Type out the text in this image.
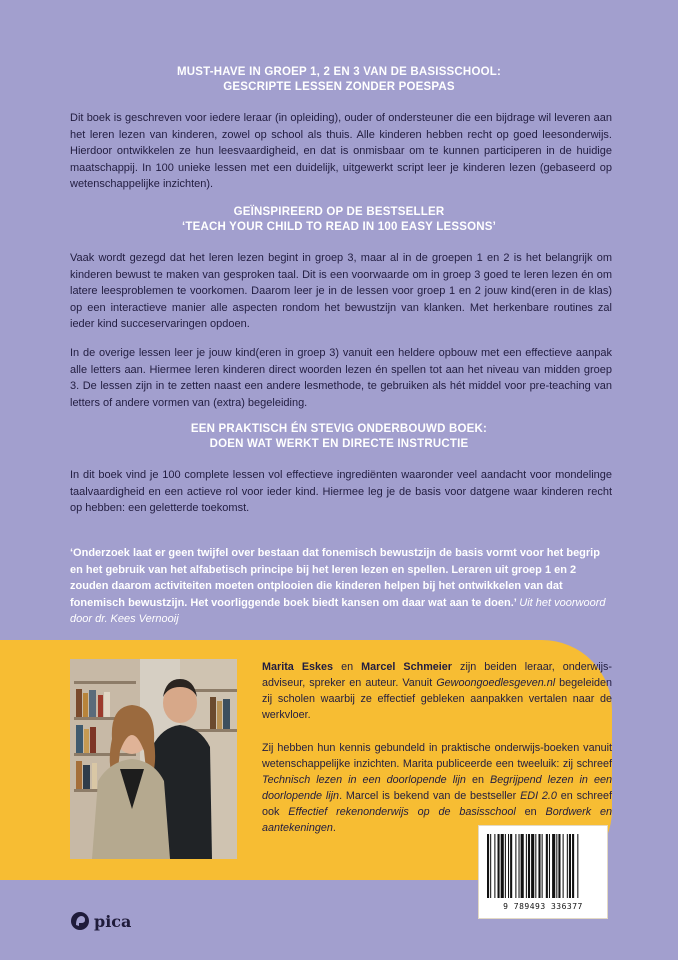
MUST-HAVE IN GROEP 1, 2 EN 3 VAN DE BASISSCHOOL:
GESCRIPTE LESSEN ZONDER POESPAS
Dit boek is geschreven voor iedere leraar (in opleiding), ouder of ondersteuner die een bijdrage wil leveren aan het leren lezen van kinderen, zowel op school als thuis. Alle kinderen hebben recht op goed leesonderwijs. Hierdoor ontwikkelen ze hun leesvaardigheid, en dat is onmisbaar om te kunnen participeren in de huidige maatschappij. In 100 unieke lessen met een duidelijk, uitgewerkt script leer je kinderen lezen (gebaseerd op wetenschappelijke inzichten).
GEÏNSPIREERD OP DE BESTSELLER
‘TEACH YOUR CHILD TO READ IN 100 EASY LESSONS’
Vaak wordt gezegd dat het leren lezen begint in groep 3, maar al in de groepen 1 en 2 is het belangrijk om kinderen bewust te maken van gesproken taal. Dit is een voorwaarde om in groep 3 goed te leren lezen én om latere leesproblemen te voorkomen. Daarom leer je in de lessen voor groep 1 en 2 jouw kind(eren in de klas) op een interactieve manier alle aspecten rondom het bewustzijn van klanken. Met herkenbare routines zal ieder kind succeservaringen opdoen.
In de overige lessen leer je jouw kind(eren in groep 3) vanuit een heldere opbouw met een effectieve aanpak alle letters aan. Hiermee leren kinderen direct woorden lezen én spellen tot aan het niveau van midden groep 3. De lessen zijn in te zetten naast een andere lesmethode, te gebruiken als hét middel voor pre-teaching van letters of andere vormen van (extra) begeleiding.
EEN PRAKTISCH ÉN STEVIG ONDERBOUWD BOEK:
DOEN WAT WERKT EN DIRECTE INSTRUCTIE
In dit boek vind je 100 complete lessen vol effectieve ingrediënten waaronder veel aandacht voor mondelinge taalvaardigheid en een actieve rol voor ieder kind. Hiermee leg je de basis voor datgene waar kinderen recht op hebben: een geletterde toekomst.
‘Onderzoek laat er geen twijfel over bestaan dat fonemisch bewustzijn de basis vormt voor het begrip en het gebruik van het alfabetisch principe bij het leren lezen en spellen. Leraren uit groep 1 en 2 zouden daarom activiteiten moeten ontplooien die kinderen helpen bij het ontwikkelen van dat fonemisch bewustzijn. Het voorliggende boek biedt kansen om daar wat aan te doen.’ Uit het voorwoord door dr. Kees Vernooij
Marita Eskes en Marcel Schmeier zijn beiden leraar, onderwijs-adviseur, spreker en auteur. Vanuit Gewoongoedlesgeven.nl begeleiden zij scholen waarbij ze effectief gebleken aanpakken vertalen naar de werkvloer.
Zij hebben hun kennis gebundeld in praktische onderwijs-boeken vanuit wetenschappelijke inzichten. Marita publiceerde een tweeluik: zij schreef Technisch lezen in een doorlopende lijn en Begrijpend lezen in een doorlopende lijn. Marcel is bekend van de bestseller EDI 2.0 en schreef ook Effectief rekenonderwijs op de basisschool en Bordwerk en aantekeningen.
9 789493 336377
pica
